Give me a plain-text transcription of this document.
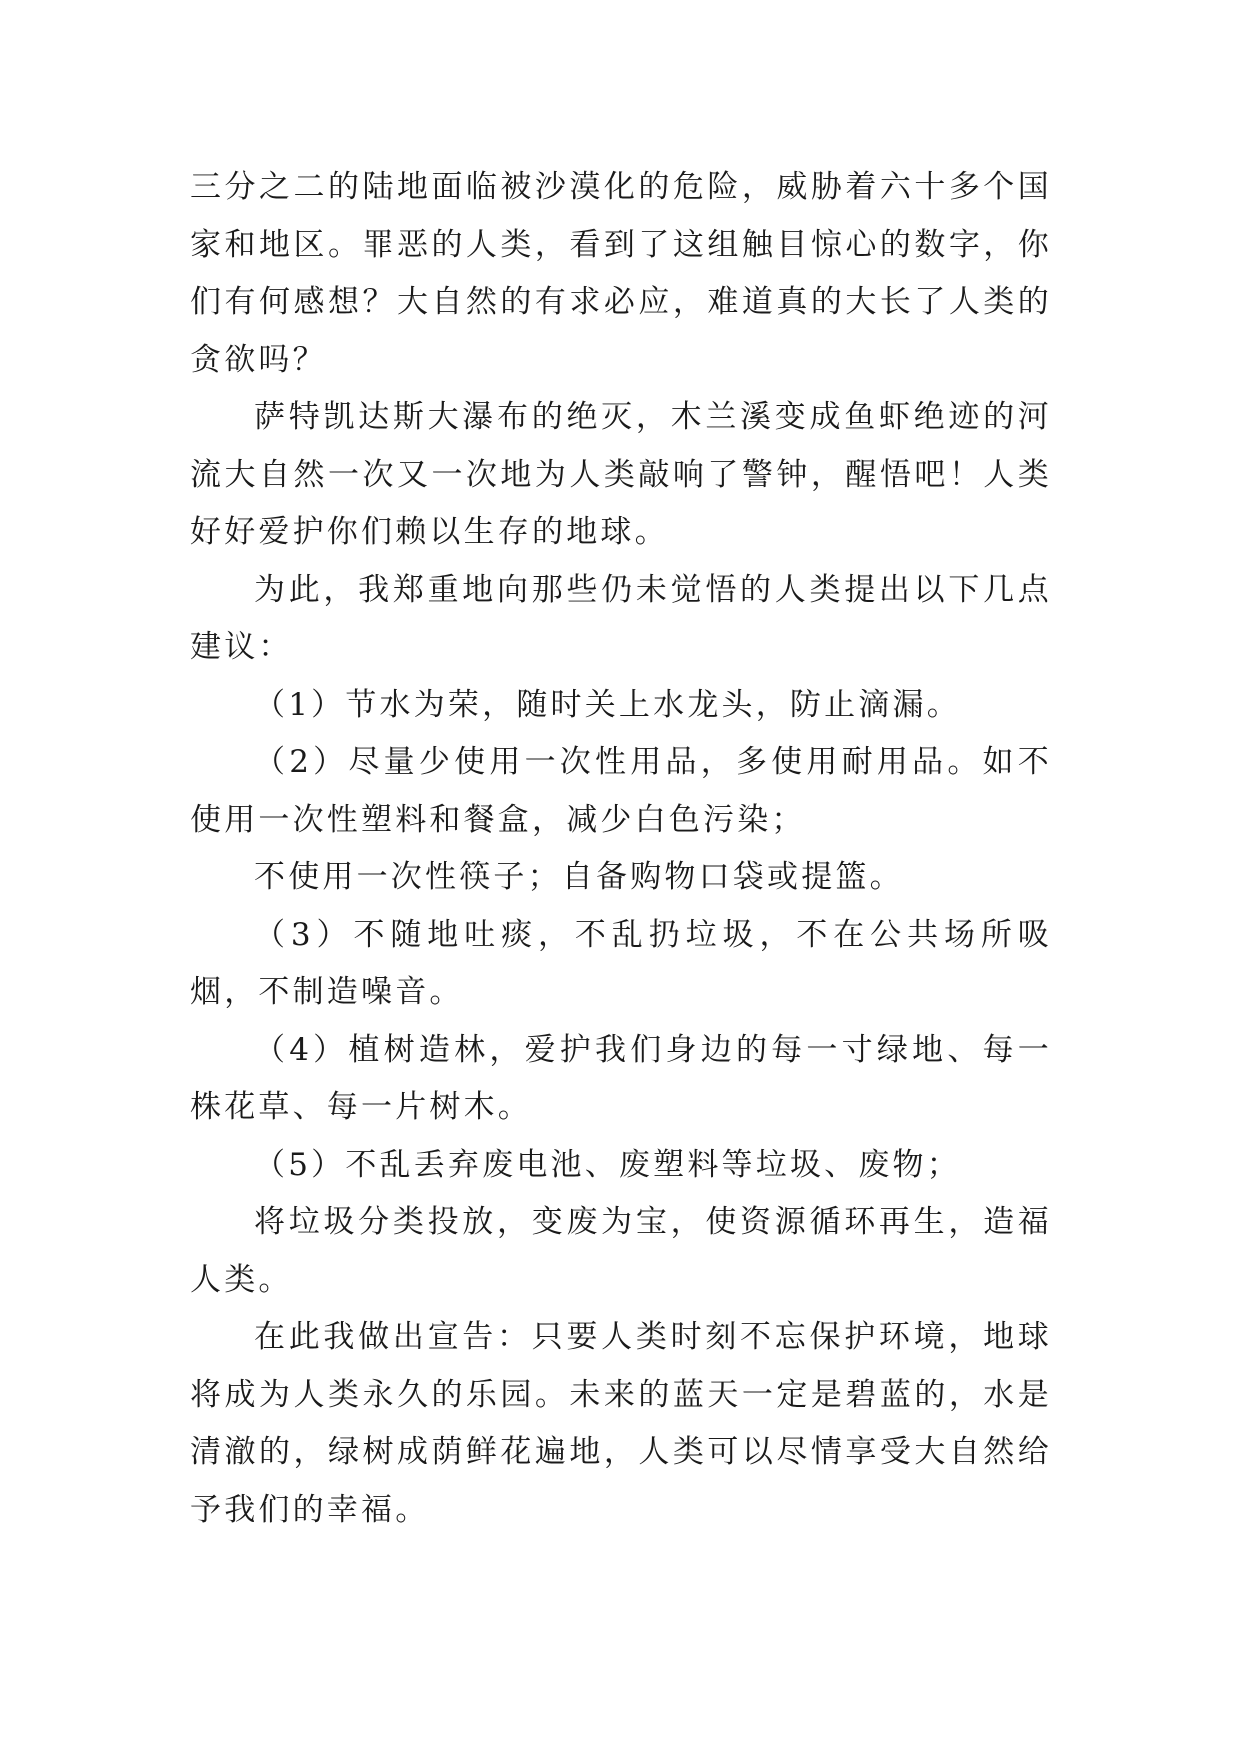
三分之二的陆地面临被沙漠化的危险，威胁着六十多个国家和地区。罪恶的人类，看到了这组触目惊心的数字，你们有何感想？大自然的有求必应，难道真的大长了人类的贪欲吗？

萨特凯达斯大瀑布的绝灭，木兰溪变成鱼虾绝迹的河流大自然一次又一次地为人类敲响了警钟，醒悟吧！人类好好爱护你们赖以生存的地球。

为此，我郑重地向那些仍未觉悟的人类提出以下几点建议：

（1）节水为荣，随时关上水龙头，防止滴漏。

（2）尽量少使用一次性用品，多使用耐用品。如不使用一次性塑料和餐盒，减少白色污染；

不使用一次性筷子；自备购物口袋或提篮。

（3）不随地吐痰，不乱扔垃圾，不在公共场所吸烟，不制造噪音。

（4）植树造林，爱护我们身边的每一寸绿地、每一株花草、每一片树木。

（5）不乱丢弃废电池、废塑料等垃圾、废物；

将垃圾分类投放，变废为宝，使资源循环再生，造福人类。

在此我做出宣告：只要人类时刻不忘保护环境，地球将成为人类永久的乐园。未来的蓝天一定是碧蓝的，水是清澈的，绿树成荫鲜花遍地，人类可以尽情享受大自然给予我们的幸福。
